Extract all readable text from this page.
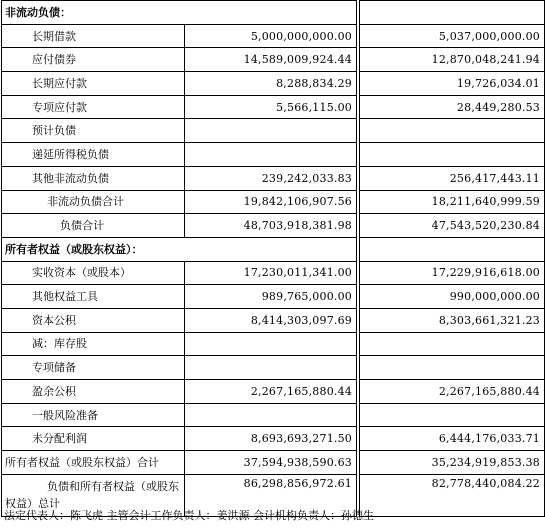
非流动负债：			
长期借款	5,000,000,000.00		5,037,000,000.00
应付债券	14,589,009,924.44		12,870,048,241.94
长期应付款	8,288,834.29		19,726,034.01
专项应付款	5,566,115.00		28,449,280.53
预计负债			
递延所得税负债			
其他非流动负债	239,242,033.83		256,417,443.11
非流动负债合计	19,842,106,907.56		18,211,640,999.59
负债合计	48,703,918,381.98		47,543,520,230.84
所有者权益（或股东权益）：			
实收资本（或股本）	17,230,011,341.00		17,229,916,618.00
其他权益工具	989,765,000.00		990,000,000.00
资本公积	8,414,303,097.69		8,303,661,321.23
减：库存股			
专项储备			
盈余公积	2,267,165,880.44		2,267,165,880.44
一般风险准备			
未分配利润	8,693,693,271.50		6,444,176,033.71
所有者权益（或股东权益）合计	37,594,938,590.63		35,234,919,853.38
负债和所有者权益（或股东权益）总计	86,298,856,972.61		82,778,440,084.22
法定代表人：陈飞虎 主管会计工作负责人：姜洪源 会计机构负责人：孙德生
